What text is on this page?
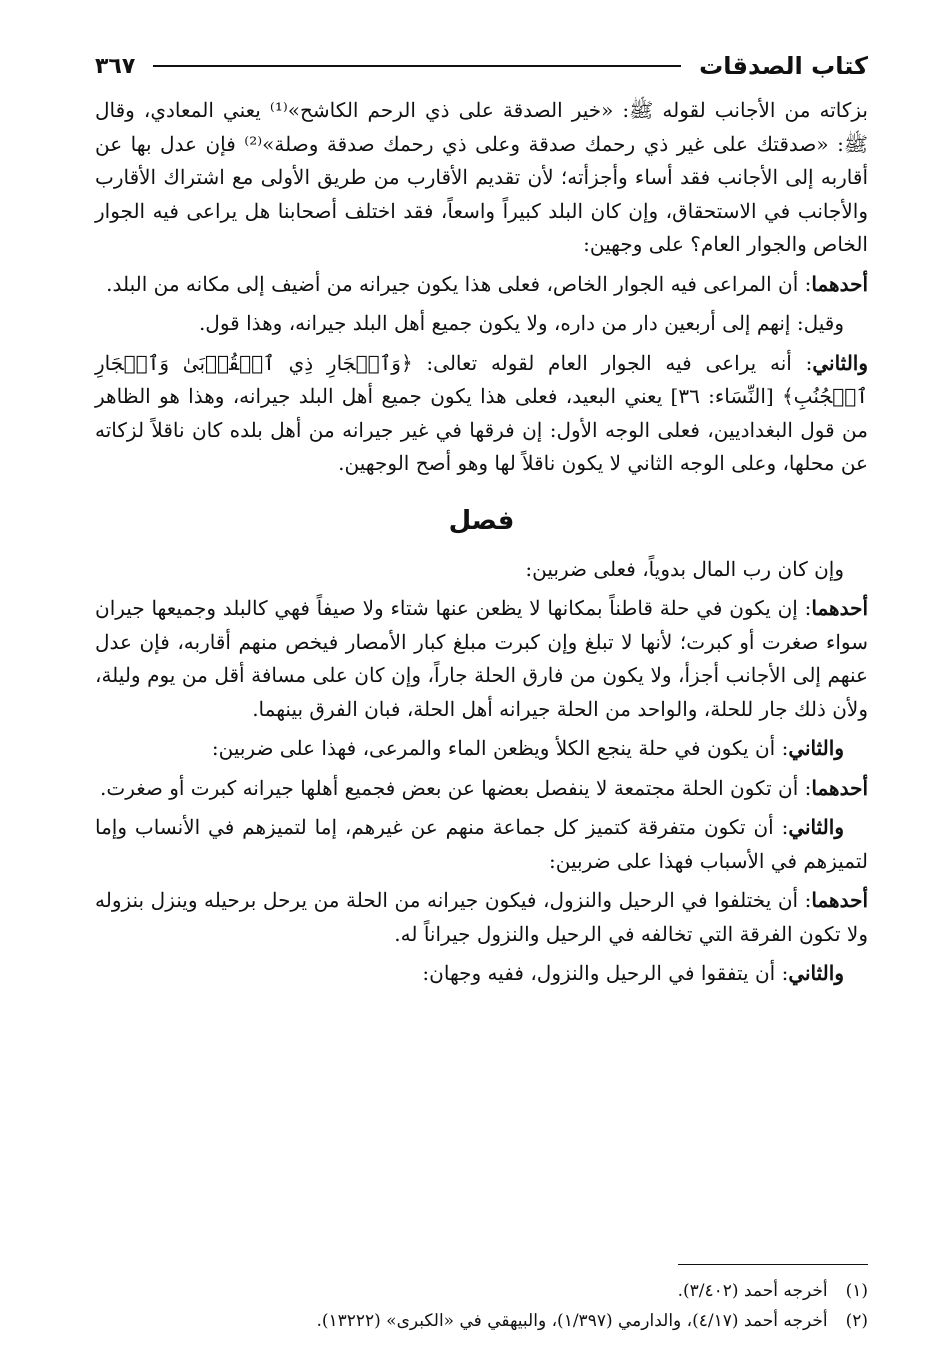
كتاب الصدقات
٣٦٧

بزكاته من الأجانب لقوله ﷺ: «خير الصدقة على ذي الرحم الكاشح»⁽¹⁾ يعني المعادي، وقال ﷺ: «صدقتك على غير ذي رحمك صدقة وعلى ذي رحمك صدقة وصلة»⁽²⁾ فإن عدل بها عن أقاربه إلى الأجانب فقد أساء وأجزأته؛ لأن تقديم الأقارب من طريق الأولى مع اشتراك الأقارب والأجانب في الاستحقاق، وإن كان البلد كبيراً واسعاً، فقد اختلف أصحابنا هل يراعى فيه الجوار الخاص والجوار العام؟ على وجهين:

أحدهما: أن المراعى فيه الجوار الخاص، فعلى هذا يكون جيرانه من أضيف إلى مكانه من البلد.

وقيل: إنهم إلى أربعين دار من داره، ولا يكون جميع أهل البلد جيرانه، وهذا قول.

والثاني: أنه يراعى فيه الجوار العام لقوله تعالى: ﴿وَٱلۡجَارِ ذِي ٱلۡقُرۡبَىٰ وَٱلۡجَارِ ٱلۡجُنُبِ﴾ [النِّسَاء: ٣٦] يعني البعيد، فعلى هذا يكون جميع أهل البلد جيرانه، وهذا هو الظاهر من قول البغداديين، فعلى الوجه الأول: إن فرقها في غير جيرانه من أهل بلده كان ناقلاً لزكاته عن محلها، وعلى الوجه الثاني لا يكون ناقلاً لها وهو أصح الوجهين.

فصل

وإن كان رب المال بدوياً، فعلى ضربين:

أحدهما: إن يكون في حلة قاطناً بمكانها لا يظعن عنها شتاء ولا صيفاً فهي كالبلد وجميعها جيران سواء صغرت أو كبرت؛ لأنها لا تبلغ وإن كبرت مبلغ كبار الأمصار فيخص منهم أقاربه، فإن عدل عنهم إلى الأجانب أجزأ، ولا يكون من فارق الحلة جاراً، وإن كان على مسافة أقل من يوم وليلة، ولأن ذلك جار للحلة، والواحد من الحلة جيرانه أهل الحلة، فبان الفرق بينهما.

والثاني: أن يكون في حلة ينجع الكلأ ويظعن الماء والمرعى، فهذا على ضربين:

أحدهما: أن تكون الحلة مجتمعة لا ينفصل بعضها عن بعض فجميع أهلها جيرانه كبرت أو صغرت.

والثاني: أن تكون متفرقة كتميز كل جماعة منهم عن غيرهم، إما لتميزهم في الأنساب وإما لتميزهم في الأسباب فهذا على ضربين:

أحدهما: أن يختلفوا في الرحيل والنزول، فيكون جيرانه من الحلة من يرحل برحيله وينزل بنزوله ولا تكون الفرقة التي تخالفه في الرحيل والنزول جيراناً له.

والثاني: أن يتفقوا في الرحيل والنزول، ففيه وجهان:

(١)
أخرجه أحمد (٣/٤٠٢).
(٢)
أخرجه أحمد (٤/١٧)، والدارمي (١/٣٩٧)، والبيهقي في «الكبرى» (١٣٢٢٢).
